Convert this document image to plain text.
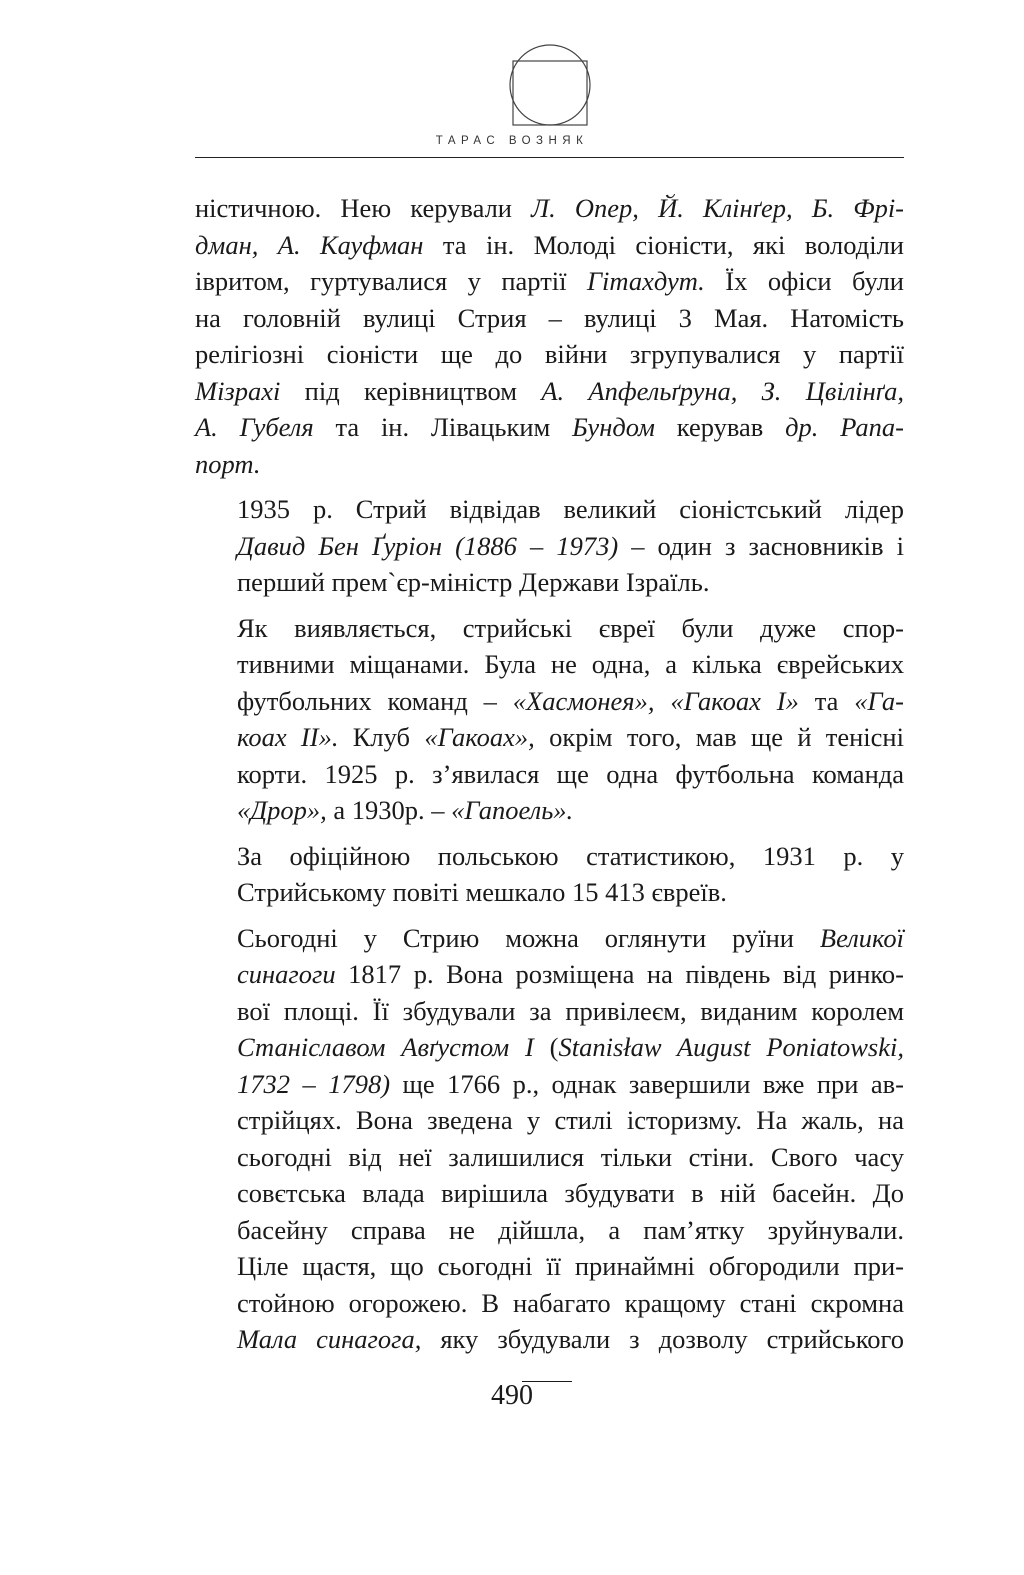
ТАРАС ВОЗНЯК

ністичною. Нею керували Л. Опер, Й. Клінґер, Б. Фрі-
дман, А. Кауфман та ін. Молоді сіоністи, які володіли
івритом, гуртувалися у партії Гітахдут. Їх офіси були
на головній вулиці Стрия – вулиці 3 Мая. Натомість
релігіозні сіоністи ще до війни згрупувалися у партії
Мізрахі під керівництвом А. Апфельґруна, З. Цвілінґа,
А. Губеля та ін. Лівацьким Бундом керував др. Рапа-
порт.

1935 р. Стрий відвідав великий сіоністський лідер
Давид Бен Ґуріон (1886 – 1973) – один з засновників і
перший прем`єр-міністр Держави Ізраїль.

Як виявляється, стрийські євреї були дуже спор-
тивними міщанами. Була не одна, а кілька єврейських
футбольних команд – «Хасмонея», «Гакоах I» та «Га-
коах II». Клуб «Гакоах», окрім того, мав ще й тенісні
корти. 1925 р. з’явилася ще одна футбольна команда
«Дрор», а 1930р. – «Гапоель».

За офіційною польською статистикою, 1931 р. у
Стрийському повіті мешкало 15 413 євреїв.

Сьогодні у Стрию можна оглянути руїни Великої
синагоги 1817 р. Вона розміщена на південь від ринко-
вої площі. Її збудували за привілеєм, виданим королем
Станіславом Авґустом I (Stanisław August Poniatowski,
1732 – 1798) ще 1766 р., однак завершили вже при ав-
стрійцях. Вона зведена у стилі історизму. На жаль, на
сьогодні від неї залишилися тільки стіни. Свого часу
совєтська влада вирішила збудувати в ній басейн. До
басейну справа не дійшла, а пам’ятку зруйнували.
Ціле щастя, що сьогодні її принаймні обгородили при-
стойною огорожею. В набагато кращому стані скромна
Мала синагога, яку збудували з дозволу стрийського

490
